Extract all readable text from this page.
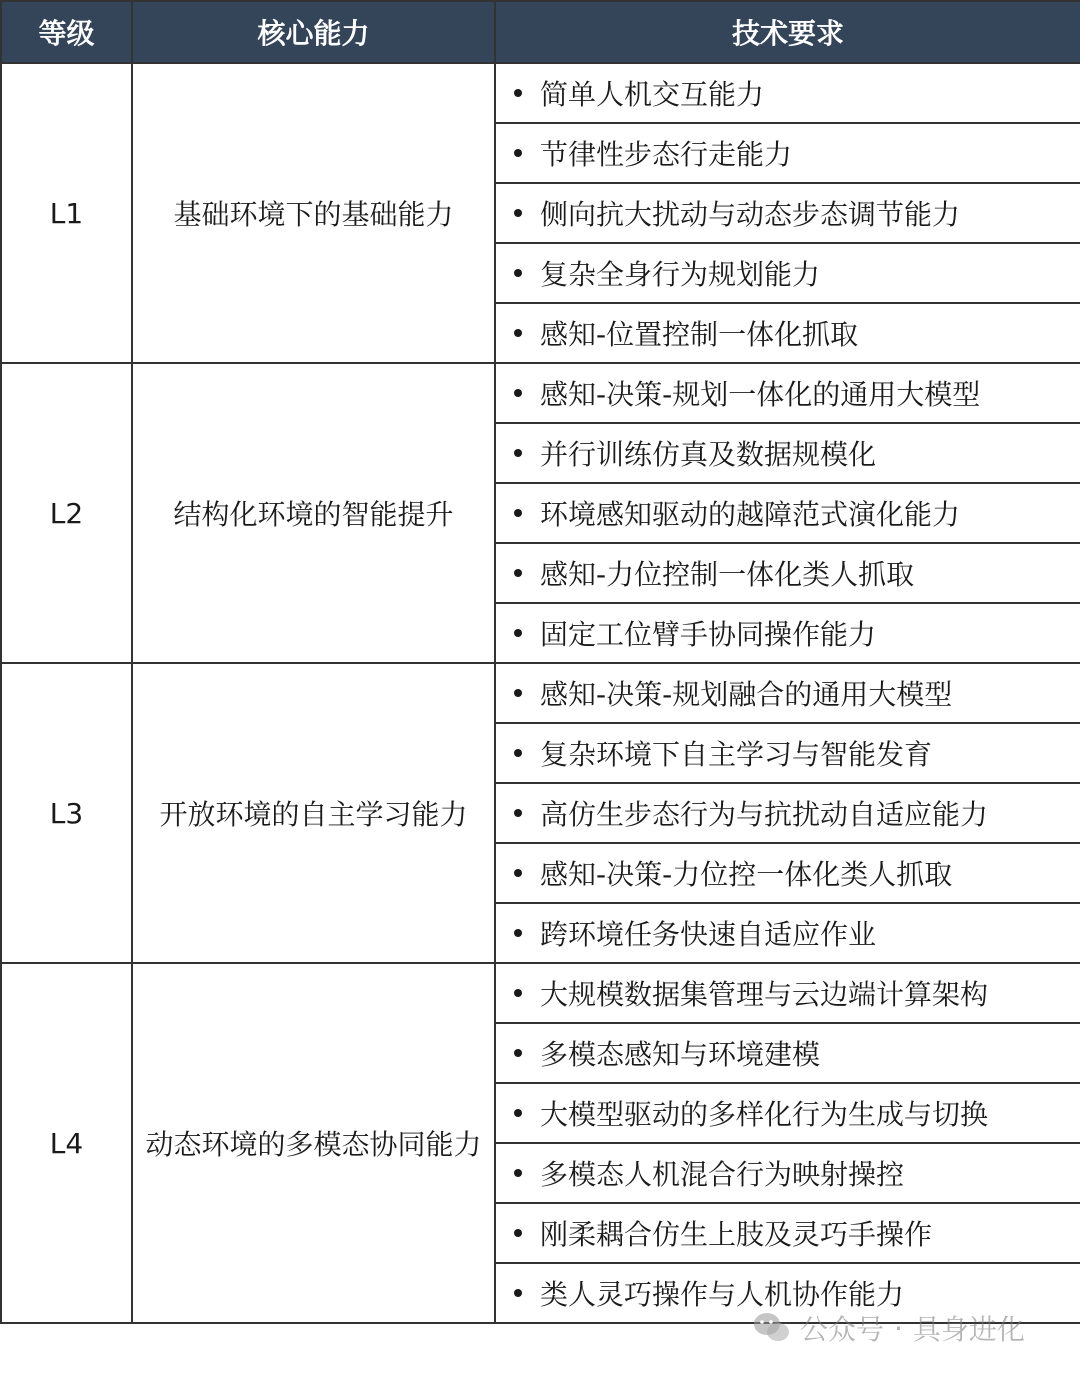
等级	核心能力	技术要求
L1	基础环境下的基础能力	简单人机交互能力

		节律性步态行走能力

		侧向抗大扰动与动态步态调节能力

		复杂全身行为规划能力

		感知-位置控制一体化抓取

L2	结构化环境的智能提升	感知-决策-规划一体化的通用大模型

		并行训练仿真及数据规模化

		环境感知驱动的越障范式演化能力

		感知-力位控制一体化类人抓取

		固定工位臂手协同操作能力

L3	开放环境的自主学习能力	感知-决策-规划融合的通用大模型

		复杂环境下自主学习与智能发育

		高仿生步态行为与抗扰动自适应能力

		感知-决策-力位控一体化类人抓取

		跨环境任务快速自适应作业

L4	动态环境的多模态协同能力	大规模数据集管理与云边端计算架构

		多模态感知与环境建模

		大模型驱动的多样化行为生成与切换

		多模态人机混合行为映射操控

		刚柔耦合仿生上肢及灵巧手操作

		类人灵巧操作与人机协作能力
公众号 · 具身进化
